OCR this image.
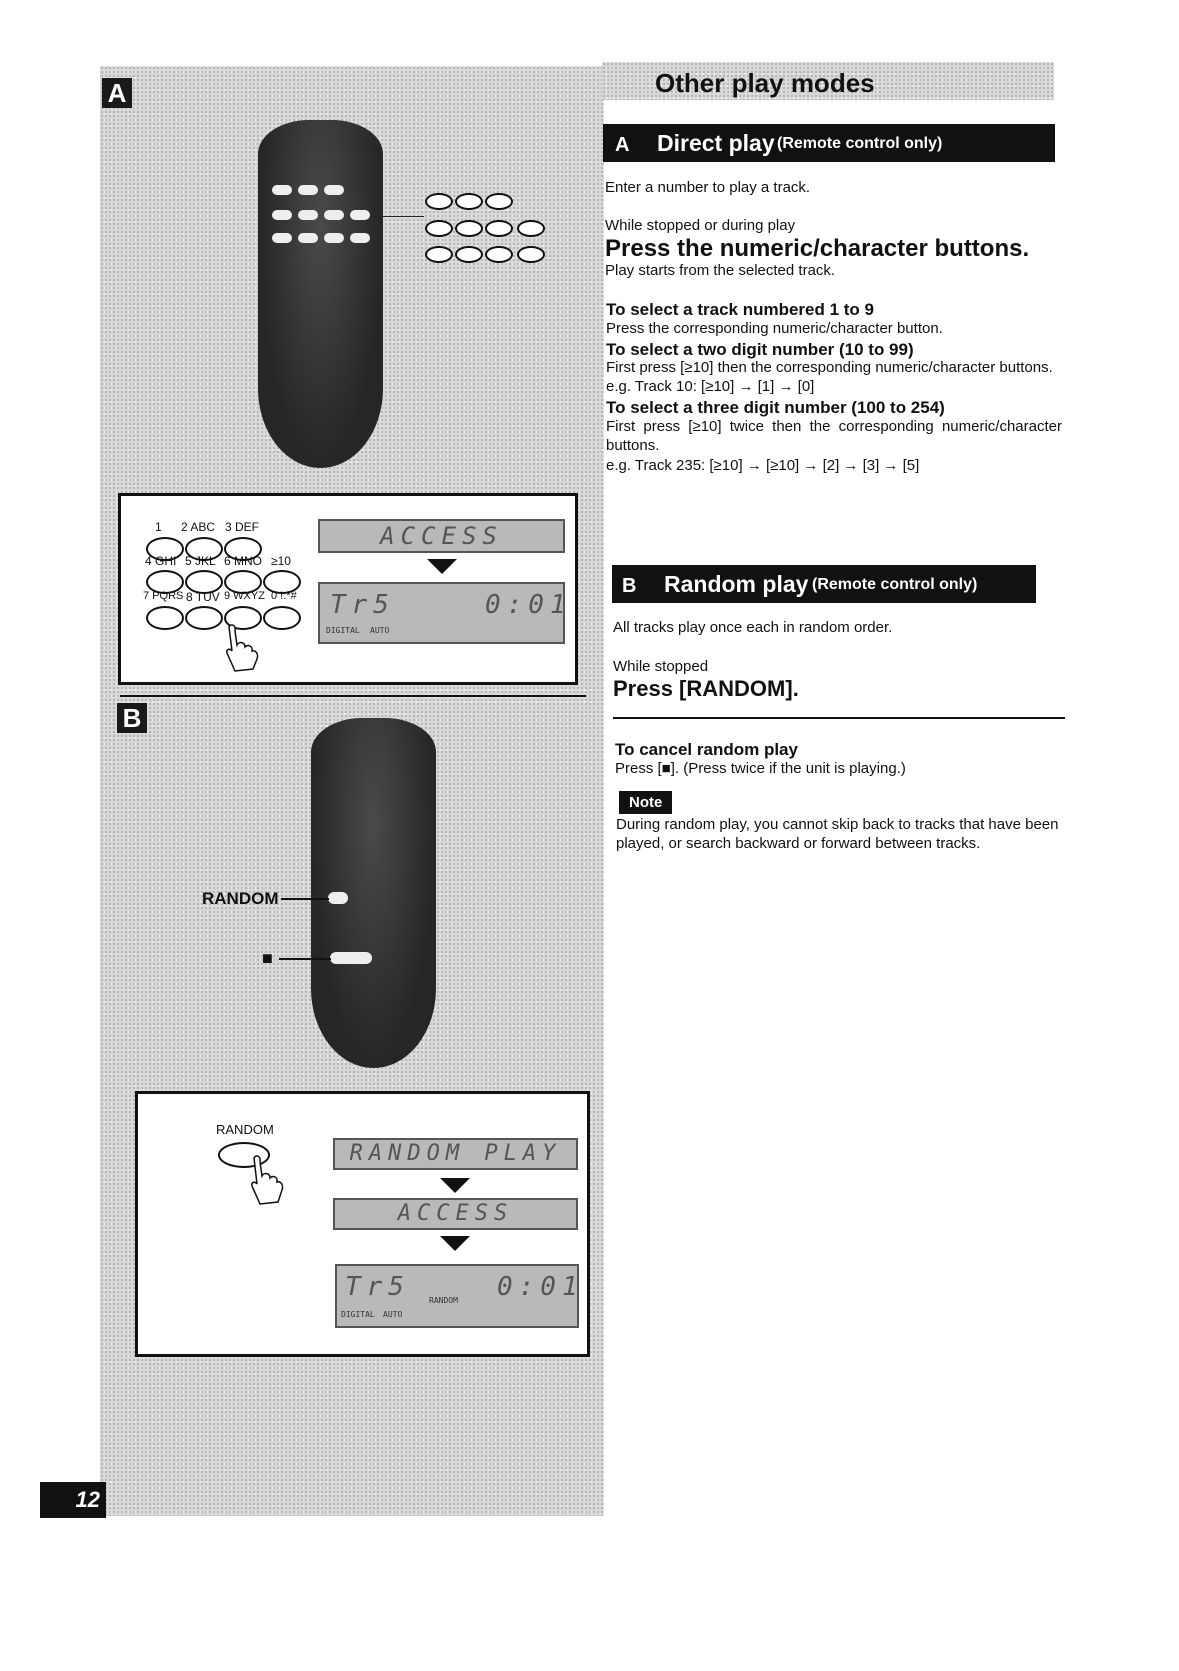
A
1 2 ABC 3 DEF
4 GHI 5 JKL 6 MNO ≥10
7 PQRS 8 TUV 9 WXYZ 0 !:*#
ACCESS
Tr5	0:01
DIGITAL AUTO
B
RANDOM
■
RANDOM
RANDOM PLAY
ACCESS
Tr5	0:01
DIGITAL AUTO
RANDOM
12
Other play modes
A Direct play (Remote control only)
Enter a number to play a track.
While stopped or during play
Press the numeric/character buttons.
Play starts from the selected track.
To select a track numbered 1 to 9
Press the corresponding numeric/character button.
To select a two digit number (10 to 99)
First press [≥10] then the corresponding numeric/character buttons.
e.g. Track 10: [≥10] → [1] → [0]
To select a three digit number (100 to 254)
First press [≥10] twice then the corresponding numeric/character buttons.
e.g. Track 235: [≥10] → [≥10] → [2] → [3] → [5]
B Random play (Remote control only)
All tracks play once each in random order.
While stopped
Press [RANDOM].
To cancel random play
Press [■]. (Press twice if the unit is playing.)
Note
During random play, you cannot skip back to tracks that have been played, or search backward or forward between tracks.
